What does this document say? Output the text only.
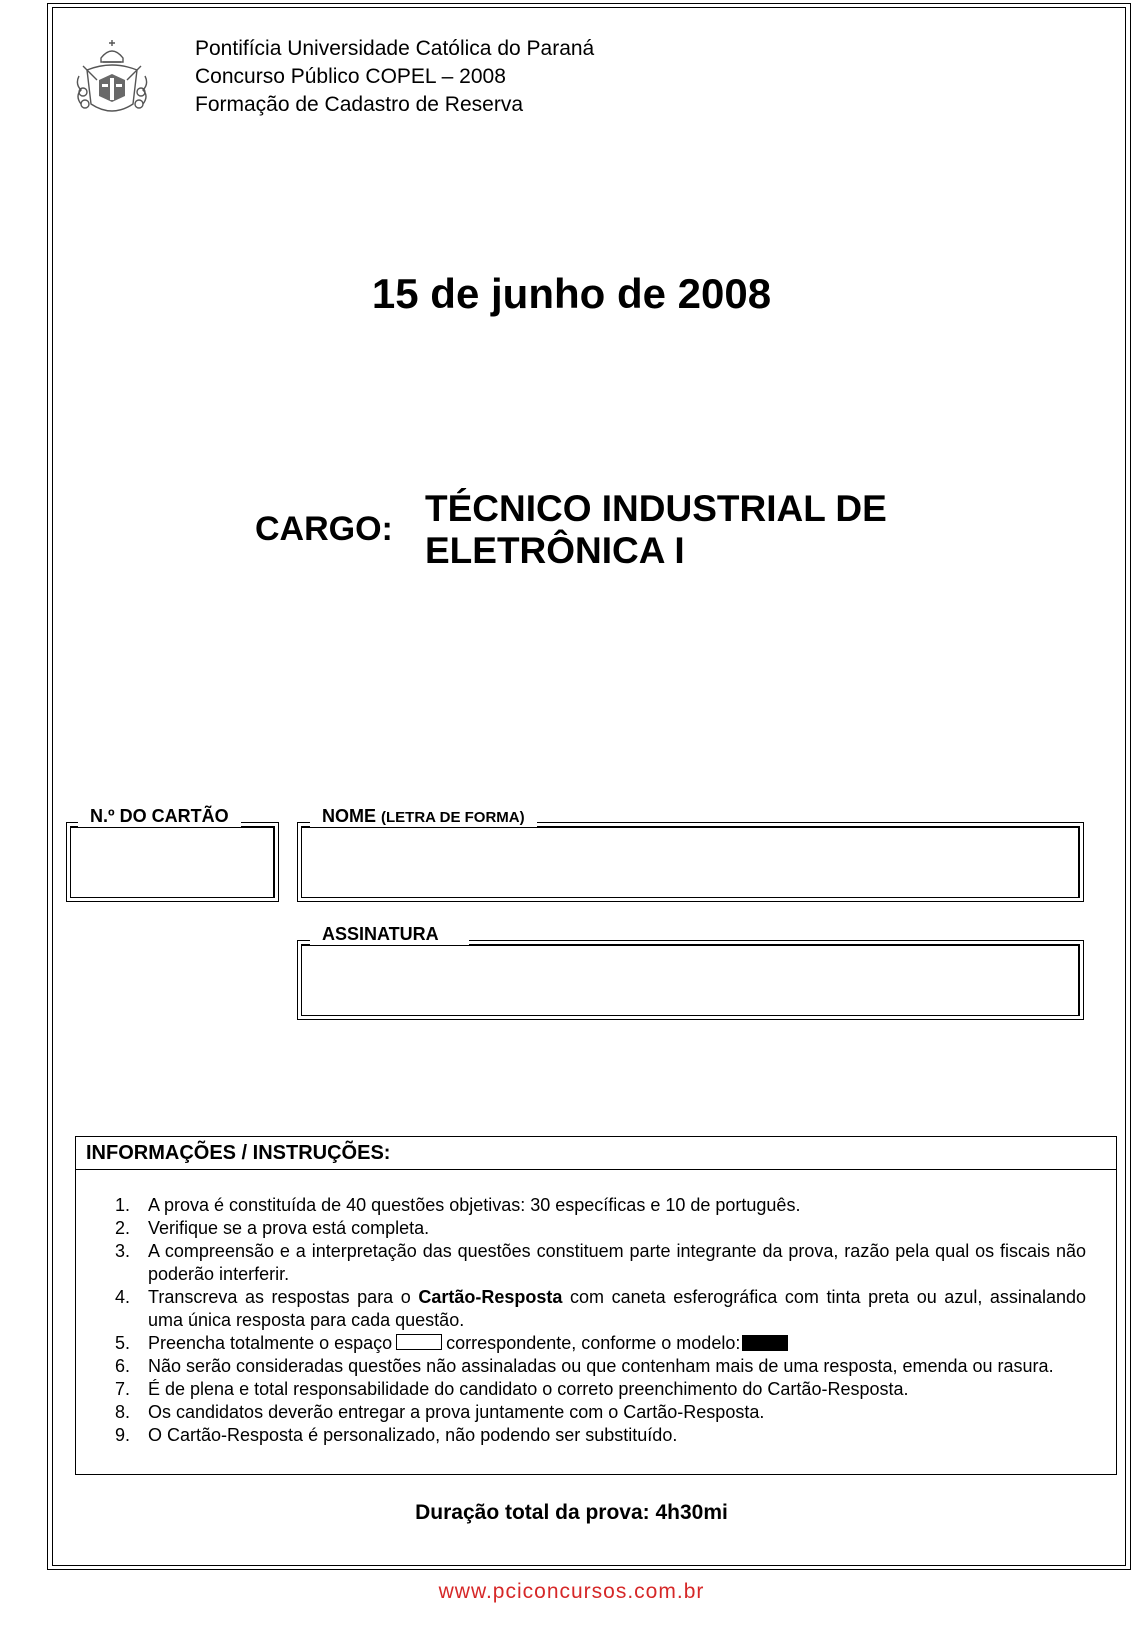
Pontifícia Universidade Católica do Paraná
Concurso Público COPEL – 2008
Formação de Cadastro de Reserva
15 de junho de 2008
CARGO: TÉCNICO INDUSTRIAL DE
ELETRÔNICA I
N.º DO CARTÃO	NOME (LETRA DE FORMA)
ASSINATURA
INFORMAÇÕES / INSTRUÇÕES:
1.	A prova é constituída de 40 questões objetivas: 30 específicas e 10 de português.
2.	Verifique se a prova está completa.
3.	A compreensão e a interpretação das questões constituem parte integrante da prova, razão pela qual os fiscais não poderão interferir.
4.	Transcreva as respostas para o Cartão-Resposta com caneta esferográfica com tinta preta ou azul, assinalando uma única resposta para cada questão.
5.	Preencha totalmente o espaço	correspondente, conforme o modelo:
6.	Não serão consideradas questões não assinaladas ou que contenham mais de uma resposta, emenda ou rasura.
7.	É de plena e total responsabilidade do candidato o correto preenchimento do Cartão-Resposta.
8.	Os candidatos deverão entregar a prova juntamente com o Cartão-Resposta.
9.	O Cartão-Resposta é personalizado, não podendo ser substituído.
Duração total da prova: 4h30mi
www.pciconcursos.com.br
